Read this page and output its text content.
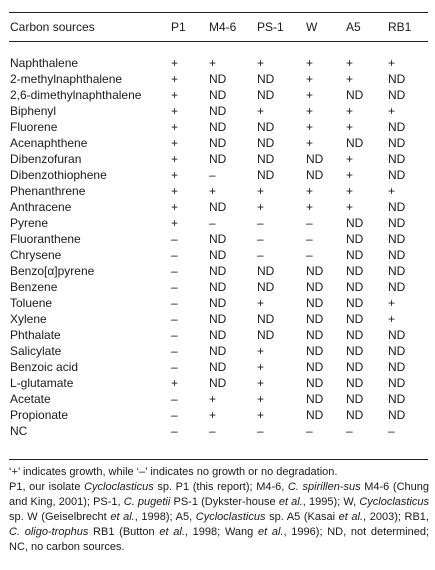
Carbon sources	P1	M4-6	PS-1	W	A5	RB1

Naphthalene	+	+	+	+	+	+
2-methylnaphthalene	+	ND	ND	+	+	ND
2,6-dimethylnaphthalene	+	ND	ND	+	ND	ND
Biphenyl	+	ND	+	+	+	+
Fluorene	+	ND	ND	+	+	ND
Acenaphthene	+	ND	ND	+	ND	ND
Dibenzofuran	+	ND	ND	ND	+	ND
Dibenzothiophene	+	–	ND	ND	+	ND
Phenanthrene	+	+	+	+	+	+
Anthracene	+	ND	+	+	+	ND
Pyrene	+	–	–	–	ND	ND
Fluoranthene	–	ND	–	–	ND	ND
Chrysene	–	ND	–	–	ND	ND
Benzo[α]pyrene	–	ND	ND	ND	ND	ND
Benzene	–	ND	ND	ND	ND	ND
Toluene	–	ND	+	ND	ND	+
Xylene	–	ND	ND	ND	ND	+
Phthalate	–	ND	ND	ND	ND	ND
Salicylate	–	ND	+	ND	ND	ND
Benzoic acid	–	ND	+	ND	ND	ND
L-glutamate	+	ND	+	ND	ND	ND
Acetate	–	+	+	ND	ND	ND
Propionate	–	+	+	ND	ND	ND
NC	–	–	–	–	–	–

‘+’ indicates growth, while ‘–’ indicates no growth or no degradation.

P1, our isolate Cycloclasticus sp. P1 (this report); M4-6, C. spirillen-sus M4-6 (Chung and King, 2001); PS-1, C. pugetii PS-1 (Dykster-house et al., 1995); W, Cycloclasticus sp. W (Geiselbrecht et al., 1998); A5, Cycloclasticus sp. A5 (Kasai et al., 2003); RB1, C. oligo-trophus RB1 (Button et al., 1998; Wang et al., 1996); ND, not determined; NC, no carbon sources.
